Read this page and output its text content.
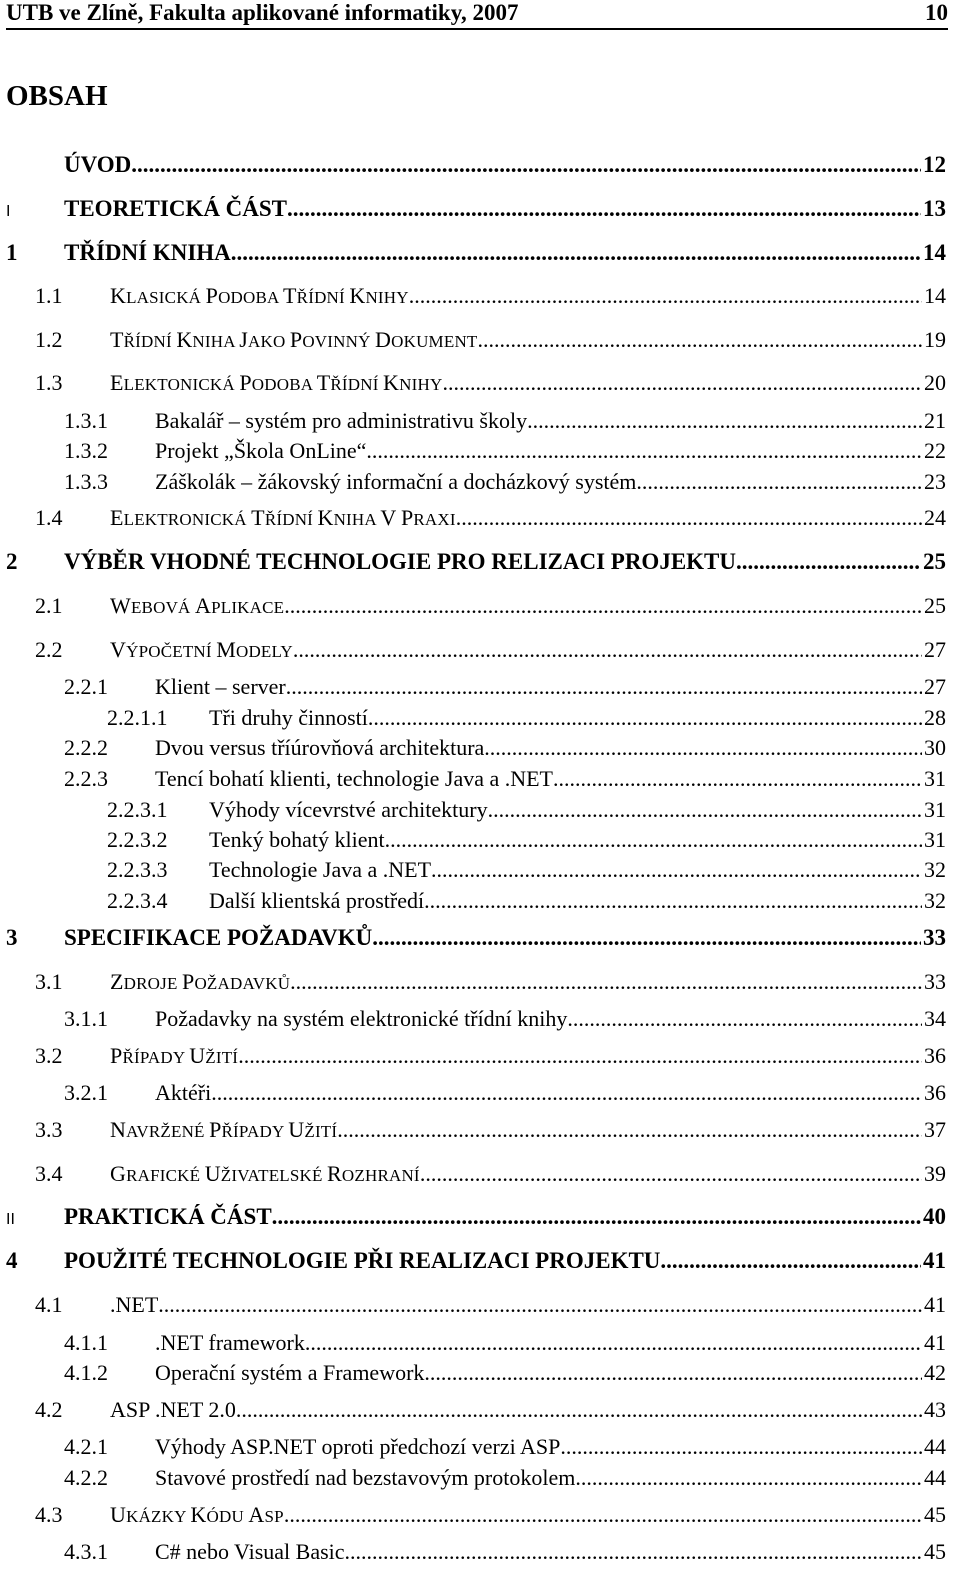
UTB ve Zlíně, Fakulta aplikované informatiky, 2007	10
OBSAH
ÚVOD .....	12
I	TEORETICKÁ ČÁST .....	13
1	TŘÍDNÍ KNIHA .....	14
1.1	KLASICKÁ PODOBA TŘÍDNÍ KNIHY .....	14
1.2	TŘÍDNÍ KNIHA JAKO POVINNÝ DOKUMENT .....	19
1.3	ELEKTONICKÁ PODOBA TŘÍDNÍ KNIHY .....	20
1.3.1	Bakalář – systém pro administrativu školy .....	21
1.3.2	Projekt „Škola OnLine“ .....	22
1.3.3	Záškolák – žákovský informační a docházkový systém .....	23
1.4	ELEKTRONICKÁ TŘÍDNÍ KNIHA V PRAXI .....	24
2	VÝBĚR VHODNÉ TECHNOLOGIE PRO RELIZACI PROJEKTU .....	25
2.1	WEBOVÁ APLIKACE .....	25
2.2	VÝPOČETNÍ MODELY .....	27
2.2.1	Klient – server .....	27
2.2.1.1	Tři druhy činností .....	28
2.2.2	Dvou versus tříúrovňová architektura .....	30
2.2.3	Tencí bohatí klienti, technologie Java a .NET .....	31
2.2.3.1	Výhody vícevrstvé architektury .....	31
2.2.3.2	Tenký bohatý klient .....	31
2.2.3.3	Technologie Java a .NET .....	32
2.2.3.4	Další klientská prostředí .....	32
3	SPECIFIKACE POŽADAVKŮ .....	33
3.1	ZDROJE POŽADAVKŮ .....	33
3.1.1	Požadavky na systém elektronické třídní knihy .....	34
3.2	PŘÍPADY UŽITÍ .....	36
3.2.1	Aktéři .....	36
3.3	NAVRŽENÉ PŘÍPADY UŽITÍ .....	37
3.4	GRAFICKÉ UŽIVATELSKÉ ROZHRANÍ .....	39
II	PRAKTICKÁ ČÁST .....	40
4	POUŽITÉ TECHNOLOGIE PŘI REALIZACI PROJEKTU .....	41
4.1	.NET .....	41
4.1.1	.NET framework .....	41
4.1.2	Operační systém a Framework .....	42
4.2	ASP .NET 2.0 .....	43
4.2.1	Výhody ASP.NET oproti předchozí verzi ASP .....	44
4.2.2	Stavové prostředí nad bezstavovým protokolem .....	44
4.3	UKÁZKY KÓDU ASP .....	45
4.3.1	C# nebo Visual Basic .....	45
